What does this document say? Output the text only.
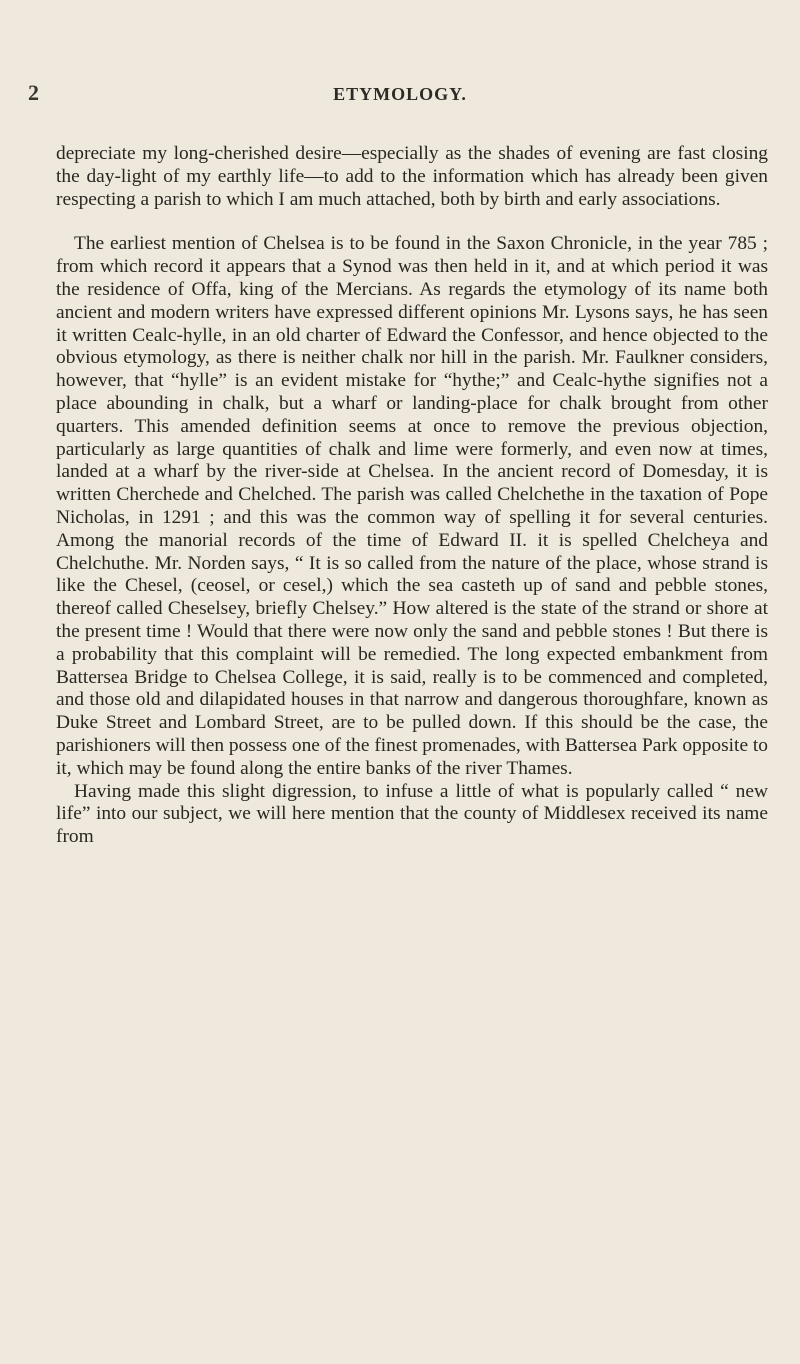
2	ETYMOLOGY.

depreciate my long-cherished desire—especially as the shades of evening are fast closing the day-light of my earthly life—to add to the information which has already been given respecting a parish to which I am much attached, both by birth and early associations.

The earliest mention of Chelsea is to be found in the Saxon Chronicle, in the year 785 ; from which record it appears that a Synod was then held in it, and at which period it was the residence of Offa, king of the Mercians. As regards the etymology of its name both ancient and modern writers have expressed different opinions Mr. Lysons says, he has seen it written Cealc-hylle, in an old charter of Edward the Confessor, and hence objected to the obvious etymology, as there is neither chalk nor hill in the parish. Mr. Faulkner considers, however, that “hylle” is an evident mistake for “hythe;” and Cealc-hythe signifies not a place abounding in chalk, but a wharf or landing-place for chalk brought from other quarters. This amended definition seems at once to remove the previous objection, particularly as large quantities of chalk and lime were formerly, and even now at times, landed at a wharf by the river-side at Chelsea. In the ancient record of Domesday, it is written Cherchede and Chelched. The parish was called Chelchethe in the taxation of Pope Nicholas, in 1291 ; and this was the common way of spelling it for several centuries. Among the manorial records of the time of Edward II. it is spelled Chelcheya and Chelchuthe. Mr. Norden says, “ It is so called from the nature of the place, whose strand is like the Chesel, (ceosel, or cesel,) which the sea casteth up of sand and pebble stones, thereof called Cheselsey, briefly Chelsey.” How altered is the state of the strand or shore at the present time ! Would that there were now only the sand and pebble stones ! But there is a probability that this complaint will be remedied. The long expected embankment from Battersea Bridge to Chelsea College, it is said, really is to be commenced and completed, and those old and dilapidated houses in that narrow and dangerous thoroughfare, known as Duke Street and Lombard Street, are to be pulled down. If this should be the case, the parishioners will then possess one of the finest promenades, with Battersea Park opposite to it, which may be found along the entire banks of the river Thames.

Having made this slight digression, to infuse a little of what is popularly called “ new life” into our subject, we will here mention that the county of Middlesex received its name from
